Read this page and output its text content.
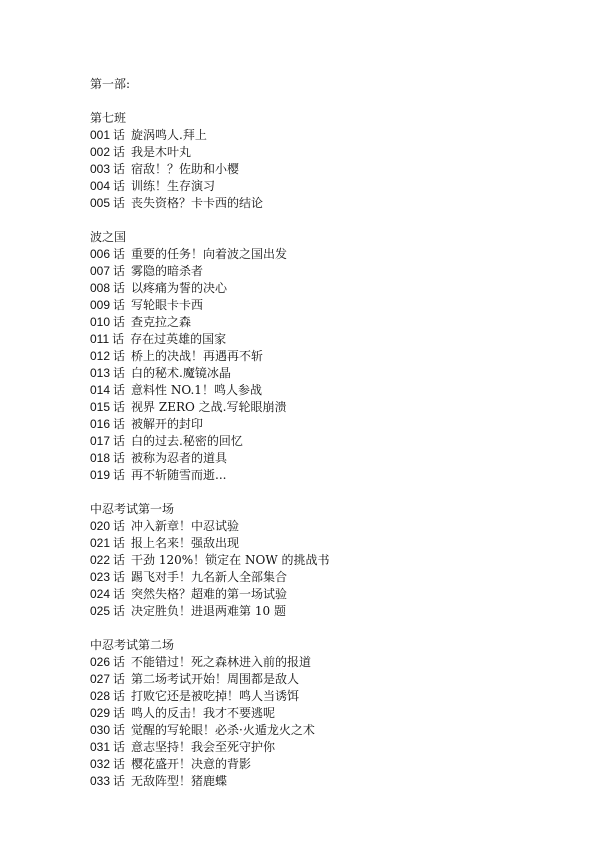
第一部:
第七班
001 话 旋涡鸣人.拜上
002 话 我是木叶丸
003 话 宿敌！？佐助和小樱
004 话 训练！生存演习
005 话 丧失资格？卡卡西的结论
波之国
006 话 重要的任务！向着波之国出发
007 话 雾隐的暗杀者
008 话 以疼痛为誓的决心
009 话 写轮眼卡卡西
010 话 查克拉之森
011 话 存在过英雄的国家
012 话 桥上的决战！再遇再不斩
013 话 白的秘术.魔镜冰晶
014 话 意料性 NO.1！鸣人参战
015 话 视界 ZERO 之战.写轮眼崩溃
016 话 被解开的封印
017 话 白的过去.秘密的回忆
018 话 被称为忍者的道具
019 话 再不斩随雪而逝...
中忍考试第一场
020 话 冲入新章！中忍试验
021 话 报上名来！强敌出现
022 话 干劲 120%！锁定在 NOW 的挑战书
023 话 踢飞对手！九名新人全部集合
024 话 突然失格？超难的第一场试验
025 话 决定胜负！进退两难第 10 题
中忍考试第二场
026 话 不能错过！死之森林进入前的报道
027 话 第二场考试开始！周围都是敌人
028 话 打败它还是被吃掉！鸣人当诱饵
029 话 鸣人的反击！我才不要逃呢
030 话 觉醒的写轮眼！必杀·火遁龙火之术
031 话 意志坚持！我会至死守护你
032 话 樱花盛开！决意的背影
033 话 无敌阵型！猪鹿蝶
